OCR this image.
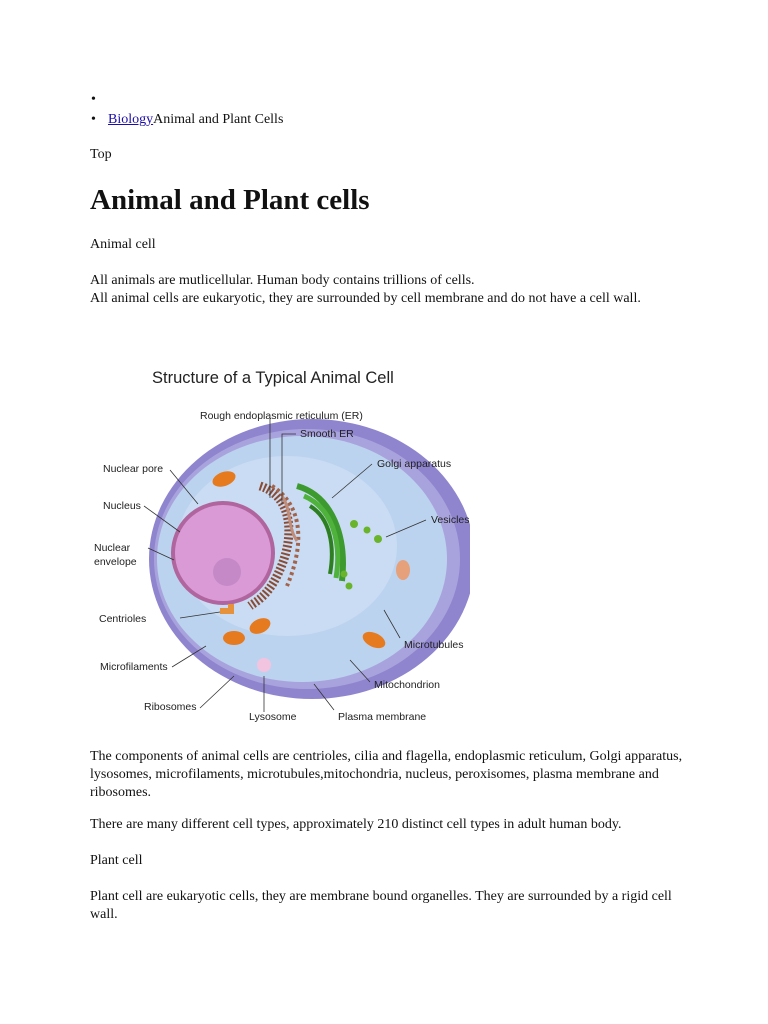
•
• BiologyAnimal and Plant Cells

Top

Animal and Plant cells

Animal cell

All animals are mutlicellular. Human body contains trillions of cells.

All animal cells are eukaryotic, they are surrounded by cell membrane and do not have a cell wall.

Structure of a Typical Animal Cell
Rough endoplasmic reticulum (ER)
Smooth ER
Golgi apparatus
Nuclear pore
Nucleus
Nuclear
envelope
Vesicles
Centrioles
Microtubules
Microfilaments
Mitochondrion
Ribosomes
Lysosome	Plasma membrane

The components of animal cells are centrioles, cilia and flagella, endoplasmic reticulum, Golgi apparatus, lysosomes, microfilaments, microtubules,mitochondria, nucleus, peroxisomes, plasma membrane and ribosomes.

There are many different cell types, approximately 210 distinct cell types in adult human body.

Plant cell

Plant cell are eukaryotic cells, they are membrane bound organelles. They are surrounded by a rigid cell wall.
